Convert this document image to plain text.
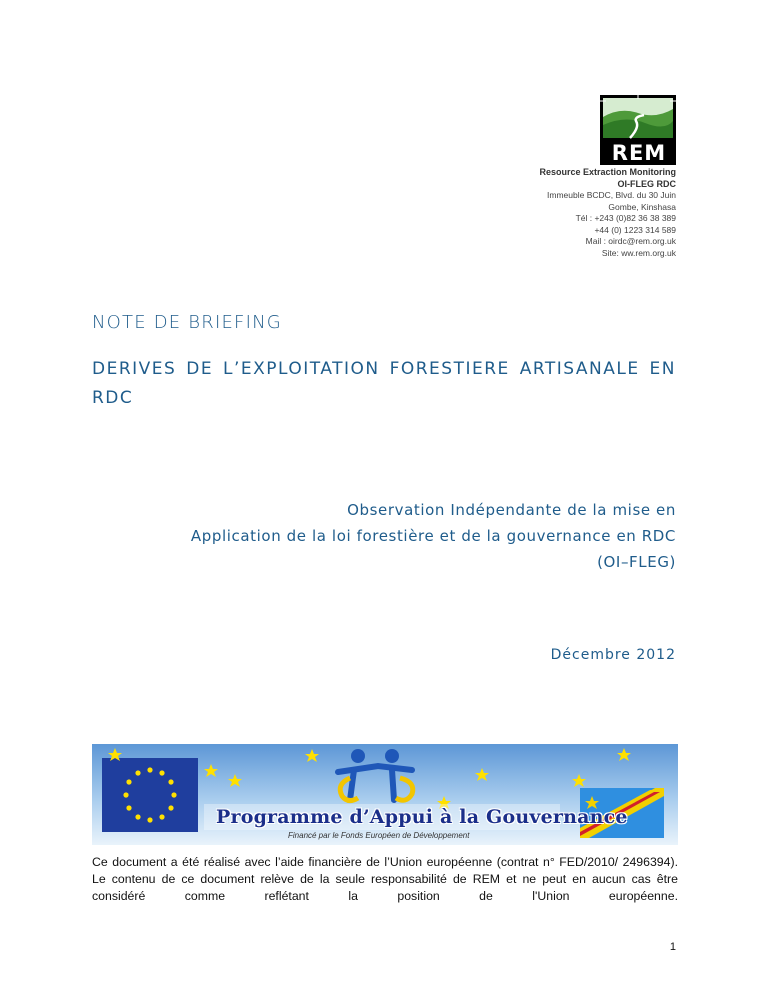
REM
Resource Extraction Monitoring
OI-FLEG RDC
Immeuble BCDC, Blvd. du 30 Juin
Gombe, Kinshasa
Tél : +243 (0)82 36 38 389
+44 (0) 1223 314 589
Mail : oirdc@rem.org.uk
Site: ww.rem.org.uk
NOTE DE BRIEFING
DERIVES DE L’EXPLOITATION FORESTIERE ARTISANALE EN RDC
Observation Indépendante de la mise en
Application de la loi forestière et de la gouvernance en RDC
(OI–FLEG)
Décembre 2012
Programme d’Appui à la Gouvernance
Financé par le Fonds Européen de Développement
Ce document a été réalisé avec l’aide financière de l’Union européenne (contrat n° FED/2010/ 2496394). Le contenu de ce document relève de la seule responsabilité de REM et ne peut en aucun cas être considéré comme reflétant la position de l'Union européenne.
1
